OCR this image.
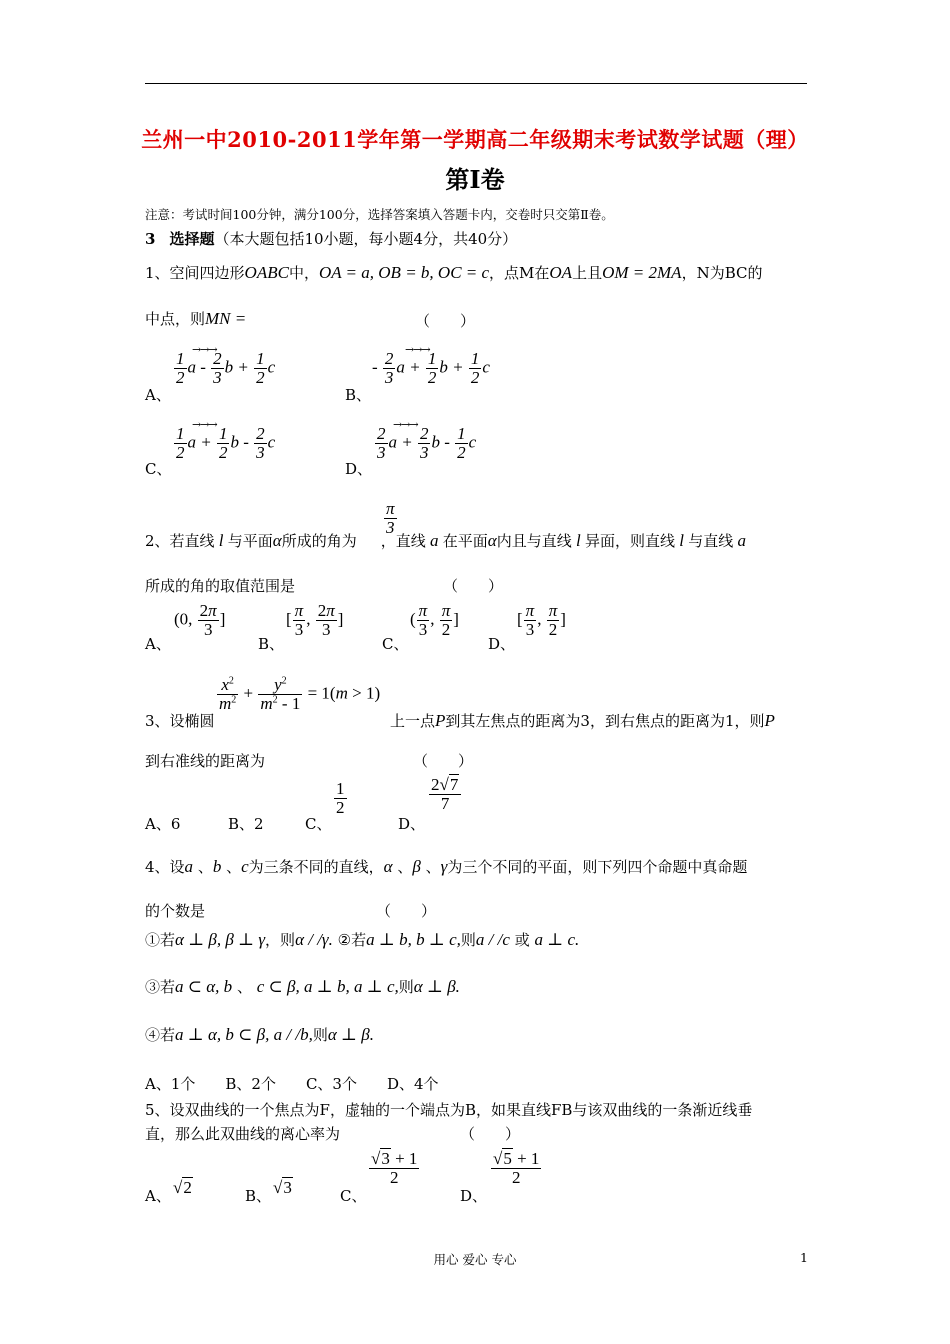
兰州一中2010-2011学年第一学期高二年级期末考试数学试题（理）
第Ⅰ卷
注意：考试时间100分钟，满分100分，选择答案填入答题卡内，交卷时只交第Ⅱ卷。
3 选择题（本大题包括10小题，每小题4分，共40分）
1、空间四边形OABC中，OA = a, OB = b, OC = c，点M在OA上且OM = 2MA，N为BC的
中点，则MN =	（　　）
A、
$\frac{1}{2}$ a - $\frac{2}{3}$ $b + \frac{1}{2}$ c
→→→
B、
- $\frac{2}{3}$ $a + \frac{1}{2}$ $b + \frac{1}{2}$ c
→→→
C、
$\frac{1}{2}$ $a + \frac{1}{2}$ b - $\frac{2}{3}$ c
→→→
D、
$\frac{2}{3}$ $a + \frac{2}{3}$ b - $\frac{1}{2}$ c
→→→
$\frac{\pi}{3}$
2、若直线 l 与平面α所成的角为 ，直线 a 在平面α内且与直线 l 异面，则直线 l 与直线 a
所成的角的取值范围是	（　　）
A、
(0, $\frac{2\pi}{3}$ ]
B、
[ $\frac{\pi}{3}$ , $\frac{2\pi}{3}$ ]
C、
( $\frac{\pi}{3}$ , $\frac{\pi}{2}$ ]
D、
[ $\frac{\pi}{3}$ , $\frac{\pi}{2}$ ]
3、设椭圆
$\frac{x^2}{m^2} + \frac{y^2}{m^2 - 1} = 1(m > 1)$
上一点P到其左焦点的距离为3，到右焦点的距离为1，则P
到右准线的距离为	（　　）
A、6	B、2	C、
$\frac{1}{2}$
D、
$\frac{2√7}{7}$
4、设a 、b 、c为三条不同的直线，α 、β 、γ为三个不同的平面，则下列四个命题中真命题
的个数是	（　　）
①若α ⊥ β, β ⊥ γ，则α / /γ. ②若a ⊥ b, b ⊥ c,则a / /c 或 a ⊥ c.
③若a ⊂ α, b 、 c ⊂ β, a ⊥ b, a ⊥ c,则α ⊥ β.
④若a ⊥ α, b ⊂ β, a / /b,则α ⊥ β.
A、1个　　B、2个　　C、3个　　D、4个
5、设双曲线的一个焦点为F，虚轴的一个端点为B，如果直线FB与该双曲线的一条渐近线垂
直，那么此双曲线的离心率为	（　　）
A、 √2	B、 √3	C、
$\frac{√3 + 1}{2}$
D、
$\frac{√5 + 1}{2}$
用心 爱心 专心	1
